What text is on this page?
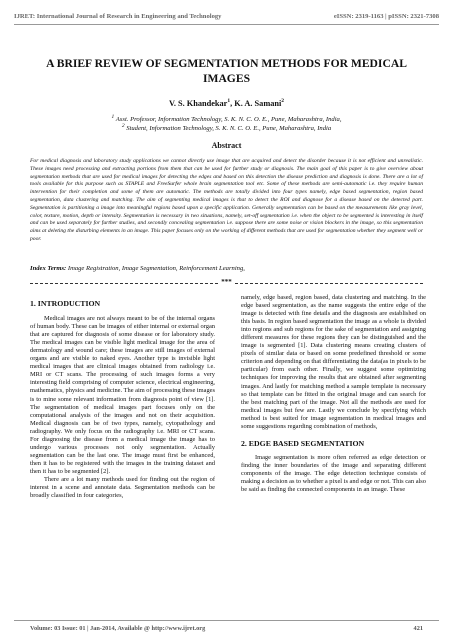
IJRET: International Journal of Research in Engineering and Technology	eISSN: 2319-1163 | pISSN: 2321-7308
A BRIEF REVIEW OF SEGMENTATION METHODS FOR MEDICAL IMAGES
V. S. Khandekar$^1$, K. A. Samani$^2$
$^1$ Asst. Professor, Information Technology, S. K. N. C. O. E., Pune, Maharashtra, India,
$^2$ Student, Information Technology, S. K. N. C. O. E., Pune, Maharashtra, India
Abstract
For medical diagnosis and laboratory study applications we cannot directly use image that are acquired and detect the disorder because it is not efficient and unrealistic. These images need processing and extracting portions from them that can be used for further study or diagnosis. The main goal of this paper is to give overview about segmentation methods that are used for medical images for detecting the edges and based on this detection the disease prediction and diagnosis is done. There are a lot of tools available for this purpose such as STAPLE and FreeSurfer whole brain segmentation tool etc. Some of these methods are semi-automatic i.e. they require human intervention for their completion and some of them are automatic. The methods are totally divided into four types namely, edge based segmentation, region based segmentation, data clustering and matching. The aim of segmenting medical images is that to detect the ROI and diagnose for a disease based on the detected part. Segmentation is partitioning a image into meaningful regions based upon a specific application. Generally segmentation can be based on the measurements like gray level, color, texture, motion, depth or intensity. Segmentation is necessary in two situations, namely, set-off segmentation i.e. when the object to be segmented is interesting in itself and can be used separately for further studies, and secondly concealing segmentation i.e. suppose there are some noise or vision blockers in the image, so this segmentation aims at deleting the disturbing elements in an image. This paper focuses only on the working of different methods that are used for segmentation whether they segment well or poor.
Index Terms: Image Registration, Image Segmentation, Reinforcement Learning,
***
1. INTRODUCTION

Medical images are not always meant to be of the internal organs of human body. These can be images of either internal or external organ that are captured for diagnosis of some disease or for laboratory study. The medical images can be visible light medical image for the area of dermatology and wound care; these images are still images of external organs and are visible to naked eyes. Another type is invisible light medical images that are clinical images obtained from radiology i.e. MRI or CT scans. The processing of such images forms a very interesting field comprising of computer science, electrical engineering, mathematics, physics and medicine. The aim of processing these images is to mine some relevant information from diagnosis point of view [1]. The segmentation of medical images part focuses only on the computational analysis of the images and not on their acquisition. Medical diagnosis can be of two types, namely, cytopathology and radiography. We only focus on the radiography i.e. MRI or CT scans. For diagnosing the disease from a medical image the image has to undergo various processes not only segmentation. Actually segmentation can be the last one. The image must first be enhanced, then it has to be registered with the images in the training dataset and then it has to be segmented [2].

There are a lot many methods used for finding out the region of interest in a scene and annotate data. Segmentation methods can be broadly classified in four categories,

namely, edge based, region based, data clustering and matching. In the edge based segmentation, as the name suggests the entire edge of the image is detected with fine details and the diagnosis are established on this basis. In region based segmentation the image as a whole is divided into regions and sub regions for the sake of segmentation and assigning different measures for these regions they can be distinguished and the image is segmented [1]. Data clustering means creating clusters of pixels of similar data or based on some predefined threshold or some criterion and depending on that differentiating the data(as in pixels to be particular) from each other. Finally, we suggest some optimizing techniques for improving the results that are obtained after segmenting images. And lastly for matching method a sample template is necessary so that template can be fitted in the original image and can search for the best matching part of the image. Not all the methods are used for medical images but few are. Lastly we conclude by specifying which method is best suited for image segmentation in medical images and some suggestions regarding combination of methods,

2. EDGE BASED SEGMENTATION

Image segmentation is more often referred as edge detection or finding the inner boundaries of the image and separating different components of the image. The edge detection technique consists of making a decision as to whether a pixel is and edge or not. This can also be said as finding the connected components in an image. These

Volume: 03 Issue: 01 | Jan-2014, Available @ http://www.ijret.org	421
